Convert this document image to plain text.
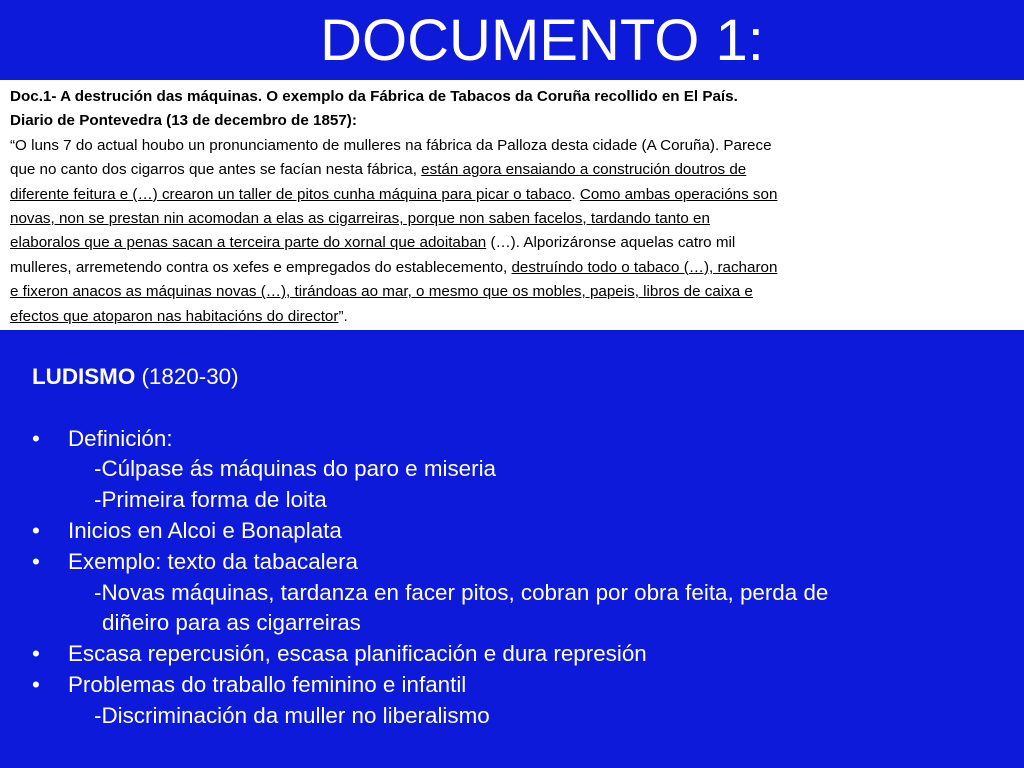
DOCUMENTO 1:
Doc.1- A destrución das máquinas. O exemplo da Fábrica de Tabacos da Coruña recollido en El País.
Diario de Pontevedra (13 de decembro de 1857):
“O luns 7 do actual houbo un pronunciamento de mulleres na fábrica da Palloza desta cidade (A Coruña). Parece
que no canto dos cigarros que antes se facían nesta fábrica, están agora ensaiando a construción doutros de
diferente feitura e (…) crearon un taller de pitos cunha máquina para picar o tabaco. Como ambas operacións son
novas, non se prestan nin acomodan a elas as cigarreiras, porque non saben facelos, tardando tanto en
elaboralos que a penas sacan a terceira parte do xornal que adoitaban (…). Alporizáronse aquelas catro mil
mulleres, arremetendo contra os xefes e empregados do establecemento, destruíndo todo o tabaco (…), racharon
e fixeron anacos as máquinas novas (…), tirándoas ao mar, o mesmo que os mobles, papeis, libros de caixa e
efectos que atoparon nas habitacións do director”.
LUDISMO (1820-30)
• Definición:
-Cúlpase ás máquinas do paro e miseria
-Primeira forma de loita
• Inicios en Alcoi e Bonaplata
• Exemplo: texto da tabacalera
-Novas máquinas, tardanza en facer pitos, cobran por obra feita, perda de
diñeiro para as cigarreiras
• Escasa repercusión, escasa planificación e dura represión
• Problemas do traballo feminino e infantil
-Discriminación da muller no liberalismo
